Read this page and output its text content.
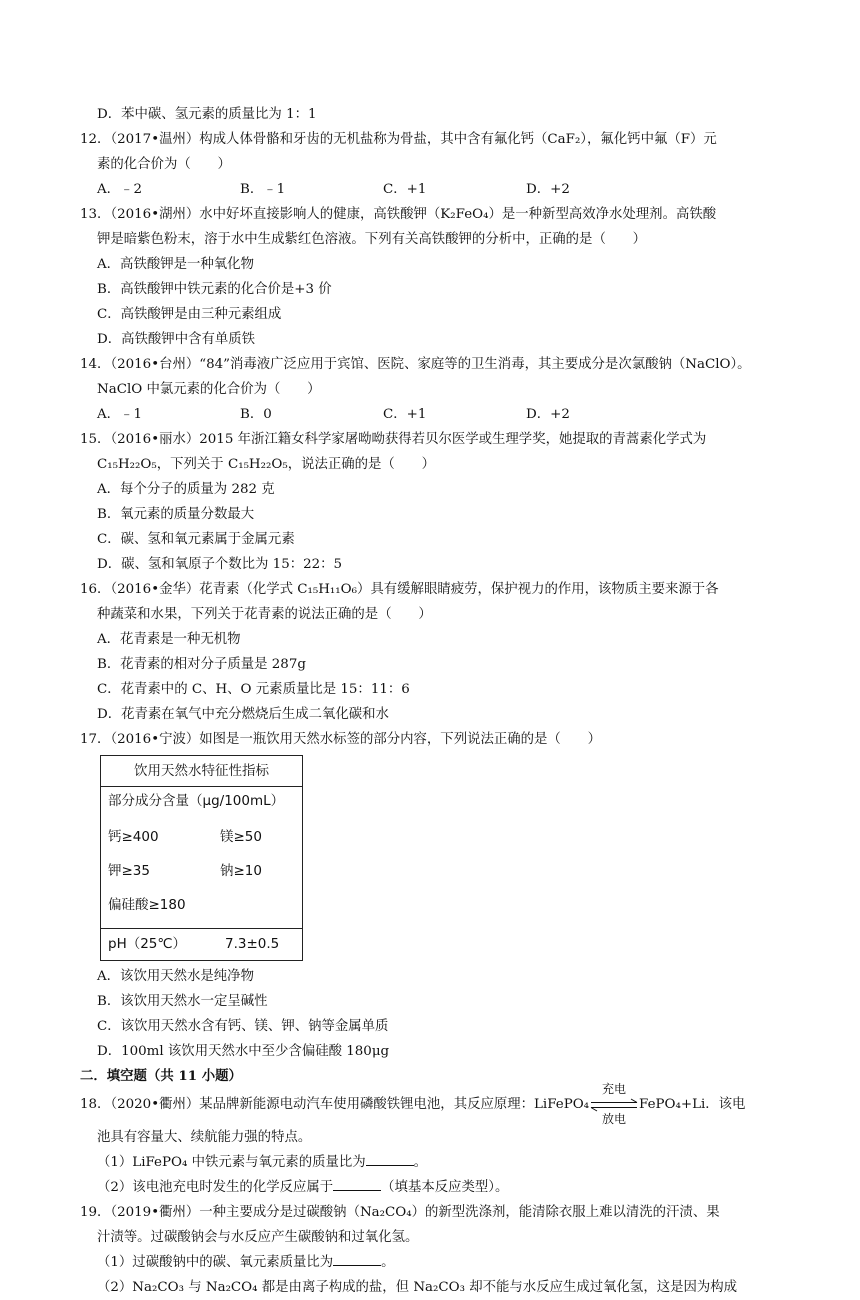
D．苯中碳、氢元素的质量比为 1：1
12．（2017•温州）构成人体骨骼和牙齿的无机盐称为骨盐，其中含有氟化钙（CaF₂），氟化钙中氟（F）元
素的化合价为（　　）
A．﹣2	B．﹣1	C．+1	D．+2
13．（2016•湖州）水中好坏直接影响人的健康，高铁酸钾（K₂FeO₄）是一种新型高效净水处理剂。高铁酸
钾是暗紫色粉末，溶于水中生成紫红色溶液。下列有关高铁酸钾的分析中，正确的是（　　）
A．高铁酸钾是一种氧化物
B．高铁酸钾中铁元素的化合价是+3 价
C．高铁酸钾是由三种元素组成
D．高铁酸钾中含有单质铁
14．（2016•台州）“84”消毒液广泛应用于宾馆、医院、家庭等的卫生消毒，其主要成分是次氯酸钠（NaClO）。
NaClO 中氯元素的化合价为（　　）
A．﹣1	B．0	C．+1	D．+2
15．（2016•丽水）2015 年浙江籍女科学家屠呦呦获得若贝尔医学或生理学奖，她提取的青蒿素化学式为
C₁₅H₂₂O₅，下列关于 C₁₅H₂₂O₅，说法正确的是（　　）
A．每个分子的质量为 282 克
B．氧元素的质量分数最大
C．碳、氢和氧元素属于金属元素
D．碳、氢和氧原子个数比为 15：22：5
16．（2016•金华）花青素（化学式 C₁₅H₁₁O₆）具有缓解眼睛疲劳，保护视力的作用，该物质主要来源于各
种蔬菜和水果，下列关于花青素的说法正确的是（　　）
A．花青素是一种无机物
B．花青素的相对分子质量是 287g
C．花青素中的 C、H、O 元素质量比是 15：11：6
D．花青素在氧气中充分燃烧后生成二氧化碳和水
17．（2016•宁波）如图是一瓶饮用天然水标签的部分内容，下列说法正确的是（　　）
饮用天然水特征性指标
部分成分含量（μg/100mL）
钙≥400	镁≥50
钾≥35	钠≥10
偏硅酸≥180
pH（25℃）	7.3±0.5
A．该饮用天然水是纯净物
B．该饮用天然水一定呈碱性
C．该饮用天然水含有钙、镁、钾、钠等金属单质
D．100ml 该饮用天然水中至少含偏硅酸 180μg
二．填空题（共 11 小题）
18．（2020•衢州）某品牌新能源电动汽车使用磷酸铁锂电池，其反应原理：LiFePO₄
充电
放电
FePO₄+Li．该电
池具有容量大、续航能力强的特点。
（1）LiFePO₄ 中铁元素与氧元素的质量比为	。
（2）该电池充电时发生的化学反应属于	（填基本反应类型）。
19．（2019•衢州）一种主要成分是过碳酸钠（Na₂CO₄）的新型洗涤剂，能清除衣服上难以清洗的汗渍、果
汁渍等。过碳酸钠会与水反应产生碳酸钠和过氧化氢。
（1）过碳酸钠中的碳、氧元素质量比为	。
（2）Na₂CO₃ 与 Na₂CO₄ 都是由离子构成的盐，但 Na₂CO₃ 却不能与水反应生成过氧化氢，这是因为构成
